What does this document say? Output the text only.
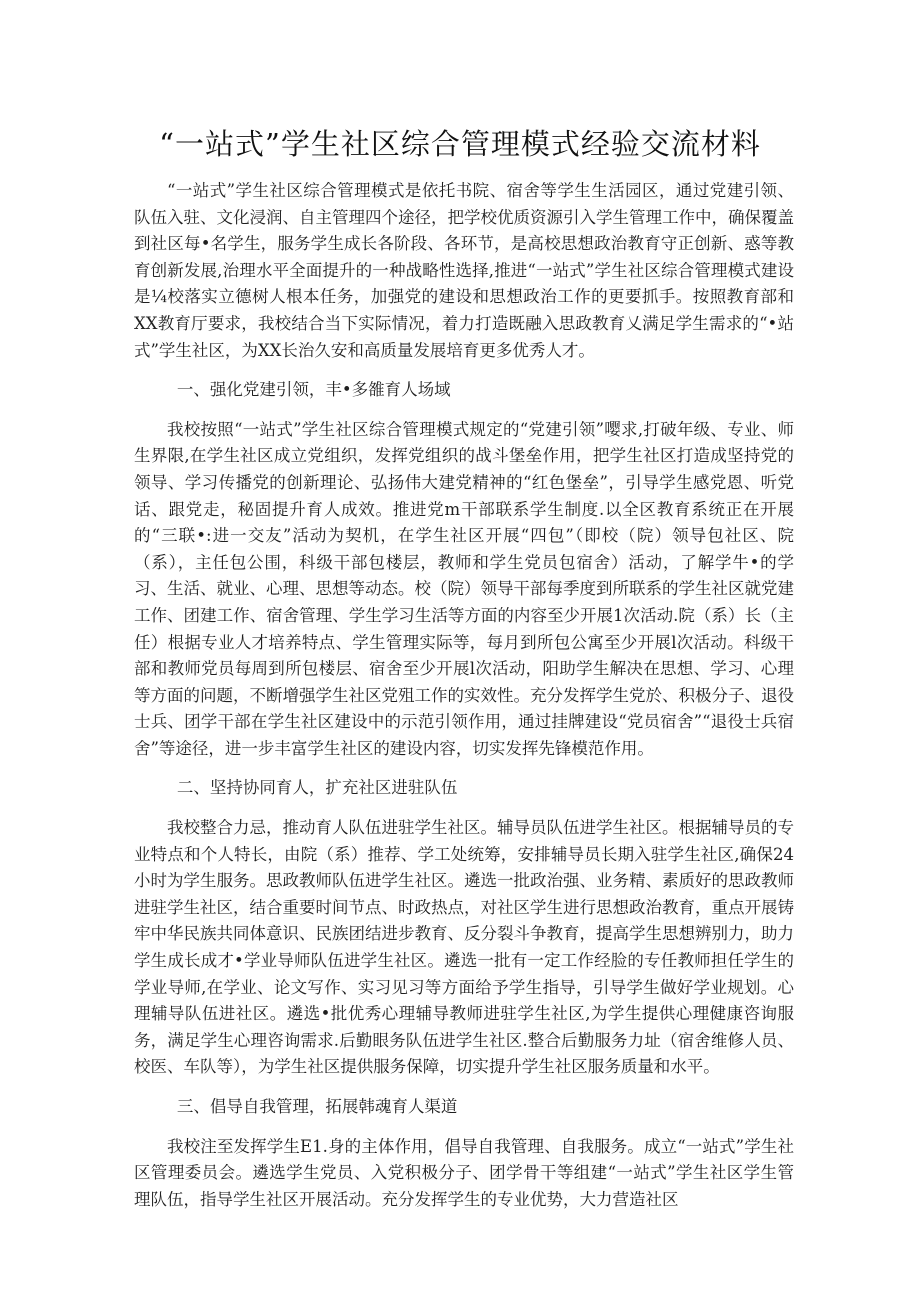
“一站式”学生社区综合管理模式经验交流材料

“一站式”学生社区综合管理模式是依托书院、宿舍等学生生活园区，通过党建引领、队伍入驻、文化浸润、自主管理四个途径，把学校优质资源引入学生管理工作中，确保覆盖到社区每•名学生，服务学生成长各阶段、各环节，是高校思想政治教育守正创新、惑等教育创新发展,治理水平全面提升的一种战略性选择,推进“一站式”学生社区综合管理模式建设是¼校落实立德树人根本任务，加强党的建设和思想政治工作的更要抓手。按照教育部和XX教育厅要求，我校结合当下实际情况，着力打造既融入思政教育乂满足学生需求的“•站式”学生社区，为XX长治久安和高质量发展培育更多优秀人才。

一、强化党建引领，丰•多雒育人场域

我校按照“一站式”学生社区综合管理模式规定的“党建引领”嘤求,打破年级、专业、师生界限,在学生社区成立党组织，发挥党组织的战斗堡垒作用，把学生社区打造成坚持党的领导、学习传播党的创新理论、弘扬伟大建党精神的“红色堡垒”，引导学生感党恩、听党话、跟党走，秘固提升育人成效。推进党m干部联系学生制度.以全区教育系统正在开展的“三联•:进一交友”活动为契机，在学生社区开展“四包”（即校（院）领导包社区、院（系），主任包公围，科级干部包楼层，教师和学生党员包宿舍）活动，了解学牛•的学习、生活、就业、心理、思想等动态。校（院）领导干部每季度到所联系的学生社区就党建工作、团建工作、宿舍管理、学生学习生活等方面的内容至少开展1次活动.院（系）长（主任）根据专业人才培养特点、学生管理实际等，每月到所包公寓至少开展l次活动。科级干部和教师党员每周到所包楼层、宿舍至少开展l次活动，阳助学生解决在思想、学习、心理等方面的问题，不断增强学生社区党殂工作的实效性。充分发挥学生党於、积极分子、退役士兵、团学干部在学生社区建设中的示范引领作用，通过挂牌建设“党员宿舍”“退役士兵宿舍”等途径，进一步丰富学生社区的建设内容，切实发挥先锋模范作用。

二、坚持协同育人，扩充社区进驻队伍

我校整合力忌，推动育人队伍进驻学生社区。辅导员队伍进学生社区。根据辅导员的专业特点和个人特长，由院（系）推荐、学工处统筹，安排辅导员长期入驻学生社区,确保24小时为学生服务。思政教师队伍进学生社区。遴选一批政治强、业务精、素质好的思政教师进驻学生社区，结合重要时间节点、时政热点，对社区学生进行思想政治教育，重点开展铸牢中华民族共同体意识、民族团结进步教育、反分裂斗争教育，提高学生思想辨别力，助力学生成长成才•学业导师队伍进学生社区。遴选一批有一定工作经脸的专任教师担任学生的学业导师,在学业、论文写作、实习见习等方面给予学生指导，引导学生做好学业规划。心理辅导队伍进社区。遴选•批优秀心理辅导教师进驻学生社区,为学生提供心理健康咨询服务，满足学生心理咨询需求.后勤眼务队伍进学生社区.整合后勤服务力址（宿舍维修人员、校医、车队等），为学生社区提供服务保障，切实提升学生社区服务质量和水平。

三、倡导自我管理，拓展韩魂育人渠道

我校注至发挥学生E1.身的主体作用，倡导自我管理、自我服务。成立“一站式”学生社区管理委员会。遴选学生党员、入党积极分子、团学骨干等组建“一站式”学生社区学生管理队伍，指导学生社区开展活动。充分发挥学生的专业优势，大力营造社区
